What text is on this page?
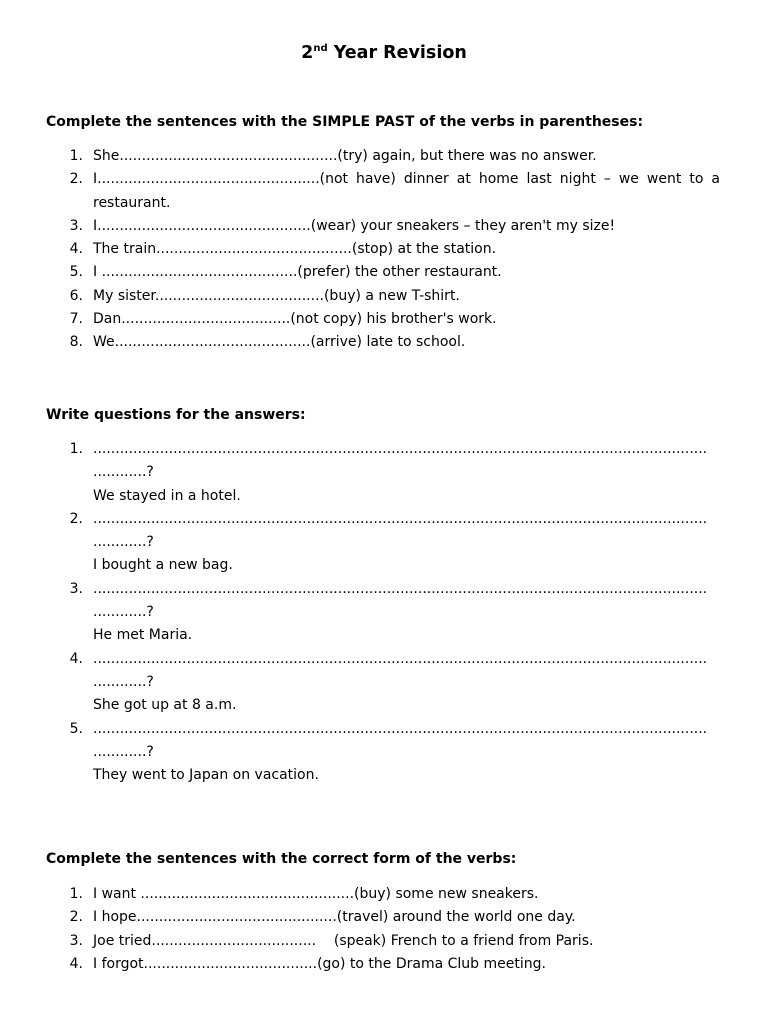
2nd Year Revision
Complete the sentences with the SIMPLE PAST of the verbs in parentheses:
1. She.................................................(try) again, but there was no answer.
2. I..................................................(not have) dinner at home last night – we went to a restaurant.
3. I................................................(wear) your sneakers – they aren't my size!
4. The train............................................(stop) at the station.
5. I ............................................(prefer) the other restaurant.
6. My sister......................................(buy) a new T-shirt.
7. Dan......................................(not copy) his brother's work.
8. We............................................(arrive) late to school.
Write questions for the answers:
1. ..........................................................................................................................................
............?
We stayed in a hotel.
2. ..........................................................................................................................................
............?
I bought a new bag.
3. ..........................................................................................................................................
............?
He met Maria.
4. ..........................................................................................................................................
............?
She got up at 8 a.m.
5. ..........................................................................................................................................
............?
They went to Japan on vacation.
Complete the sentences with the correct form of the verbs:
1. I want ................................................(buy) some new sneakers.
2. I hope.............................................(travel) around the world one day.
3. Joe tried.....................................    (speak) French to a friend from Paris.
4. I forgot.......................................(go) to the Drama Club meeting.
